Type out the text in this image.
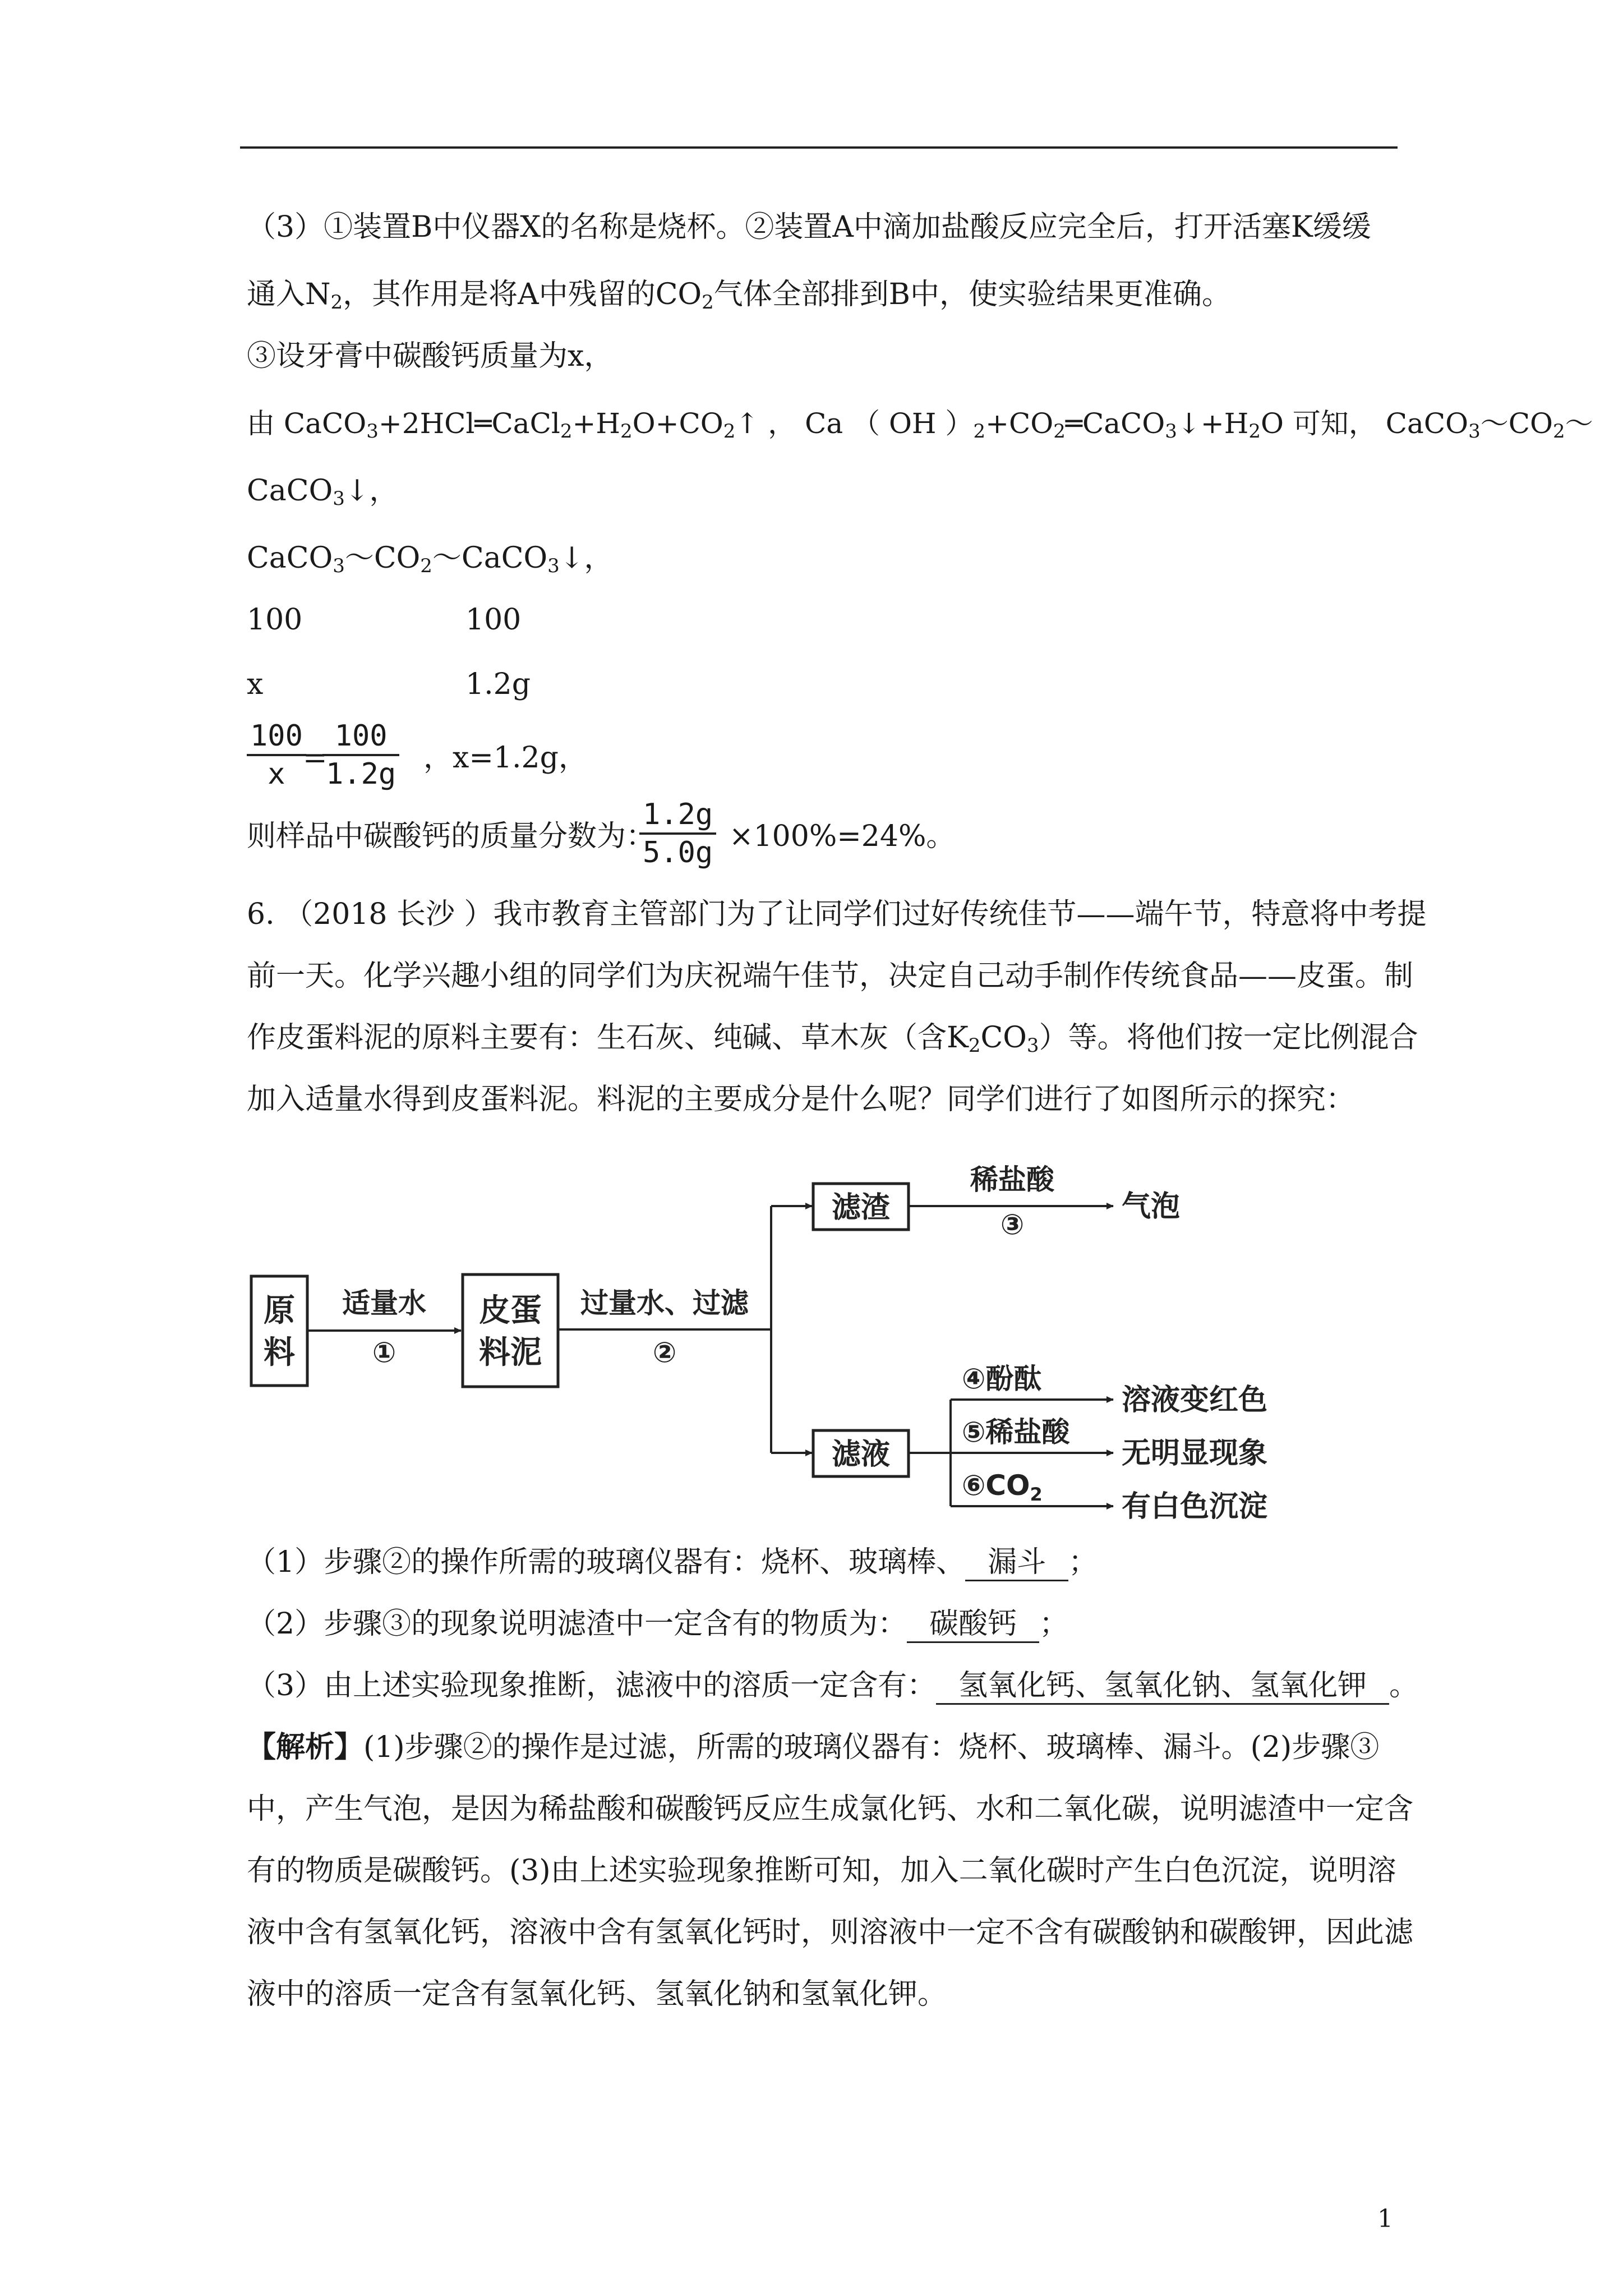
（3）①装置B中仪器X的名称是烧杯。②装置A中滴加盐酸反应完全后，打开活塞K缓缓
通入$N_2$，其作用是将A中残留的$CO_2$气体全部排到B中，使实验结果更准确。
③设牙膏中碳酸钙质量为x，
由 $CaCO_3+2HCl═CaCl_2+H_2O+CO_2↑$ ， Ca （ OH ）$_2+CO_2═CaCO_3↓+H_2O$ 可知， $CaCO_3\sim CO_2\sim$
CaCO$_3$↓，
$CaCO_3\sim CO_2\sim CaCO_3↓$，
100	100
x	1.2g
$\frac{100}{x}$
=
$\frac{100}{1.2g}$ ，x=1.2g，
则样品中碳酸钙的质量分数为：
$\frac{1.2g}{5.0g} \times 100\%=24\%$。
6. （2018 长沙 ）我市教育主管部门为了让同学们过好传统佳节——端午节，特意将中考提
前一天。化学兴趣小组的同学们为庆祝端午佳节，决定自己动手制作传统食品——皮蛋。制
作皮蛋料泥的原料主要有：生石灰、纯碱、草木灰（含$K_2CO_3$）等。将他们按一定比例混合
加入适量水得到皮蛋料泥。料泥的主要成分是什么呢？同学们进行了如图所示的探究：
原
料
适量水
①
皮蛋
料泥
过量水、过滤
②
滤渣
稀盐酸
③
气泡
滤液
④酚酞
⑤稀盐酸
$⑥CO_2$
溶液变红色
无明显现象
有白色沉淀
（1）步骤②的操作所需的玻璃仪器有：烧杯、玻璃棒、 漏斗 ；
（2）步骤③的现象说明滤渣中一定含有的物质为： 碳酸钙 ；
（3）由上述实验现象推断，滤液中的溶质一定含有： 氢氧化钙、氢氧化钠、氢氧化钾 。
【解析】(1)步骤②的操作是过滤，所需的玻璃仪器有：烧杯、玻璃棒、漏斗。(2)步骤③
中，产生气泡，是因为稀盐酸和碳酸钙反应生成氯化钙、水和二氧化碳，说明滤渣中一定含
有的物质是碳酸钙。(3)由上述实验现象推断可知，加入二氧化碳时产生白色沉淀，说明溶
液中含有氢氧化钙，溶液中含有氢氧化钙时，则溶液中一定不含有碳酸钠和碳酸钾，因此滤
液中的溶质一定含有氢氧化钙、氢氧化钠和氢氧化钾。
1
